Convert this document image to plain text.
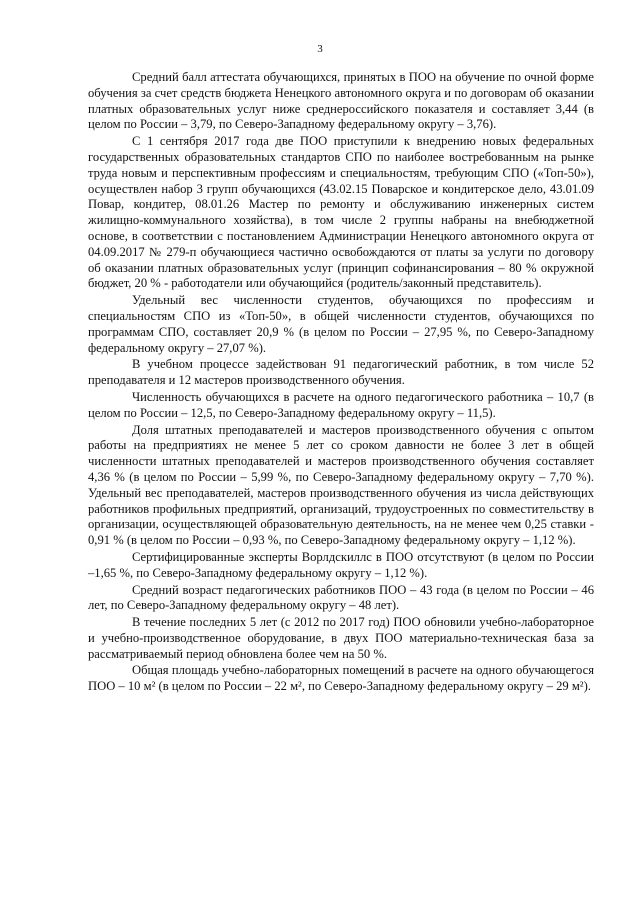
3

Средний балл аттестата обучающихся, принятых в ПОО на обучение по очной форме обучения за счет средств бюджета Ненецкого автономного округа и по договорам об оказании платных образовательных услуг ниже среднероссийского показателя и составляет 3,44 (в целом по России – 3,79, по Северо-Западному федеральному округу – 3,76).

С 1 сентября 2017 года две ПОО приступили к внедрению новых федеральных государственных образовательных стандартов СПО по наиболее востребованным на рынке труда новым и перспективным профессиям и специальностям, требующим СПО («Топ-50»), осуществлен набор 3 групп обучающихся (43.02.15 Поварское и кондитерское дело, 43.01.09 Повар, кондитер, 08.01.26 Мастер по ремонту и обслуживанию инженерных систем жилищно-коммунального хозяйства), в том числе 2 группы набраны на внебюджетной основе, в соответствии с постановлением Администрации Ненецкого автономного округа от 04.09.2017 № 279-п обучающиеся частично освобождаются от платы за услуги по договору об оказании платных образовательных услуг (принцип софинансирования – 80 % окружной бюджет, 20 % - работодатели или обучающийся (родитель/законный представитель).

Удельный вес численности студентов, обучающихся по профессиям и специальностям СПО из «Топ-50», в общей численности студентов, обучающихся по программам СПО, составляет 20,9 % (в целом по России – 27,95 %, по Северо-Западному федеральному округу – 27,07 %).

В учебном процессе задействован 91 педагогический работник, в том числе 52 преподавателя и 12 мастеров производственного обучения.

Численность обучающихся в расчете на одного педагогического работника – 10,7 (в целом по России – 12,5, по Северо-Западному федеральному округу – 11,5).

Доля штатных преподавателей и мастеров производственного обучения с опытом работы на предприятиях не менее 5 лет со сроком давности не более 3 лет в общей численности штатных преподавателей и мастеров производственного обучения составляет 4,36 % (в целом по России – 5,99 %, по Северо-Западному федеральному округу – 7,70 %). Удельный вес преподавателей, мастеров производственного обучения из числа действующих работников профильных предприятий, организаций, трудоустроенных по совместительству в организации, осуществляющей образовательную деятельность, на не менее чем 0,25 ставки - 0,91 % (в целом по России – 0,93 %, по Северо-Западному федеральному округу – 1,12 %).

Сертифицированные эксперты Ворлдскиллс в ПОО отсутствуют (в целом по России –1,65 %, по Северо-Западному федеральному округу – 1,12 %).

Средний возраст педагогических работников ПОО – 43 года (в целом по России – 46 лет, по Северо-Западному федеральному округу – 48 лет).

В течение последних 5 лет (с 2012 по 2017 год) ПОО обновили учебно-лабораторное и учебно-производственное оборудование, в двух ПОО материально-техническая база за рассматриваемый период обновлена более чем на 50 %.

Общая площадь учебно-лабораторных помещений в расчете на одного обучающегося ПОО – 10 м² (в целом по России – 22 м², по Северо-Западному федеральному округу – 29 м²).
